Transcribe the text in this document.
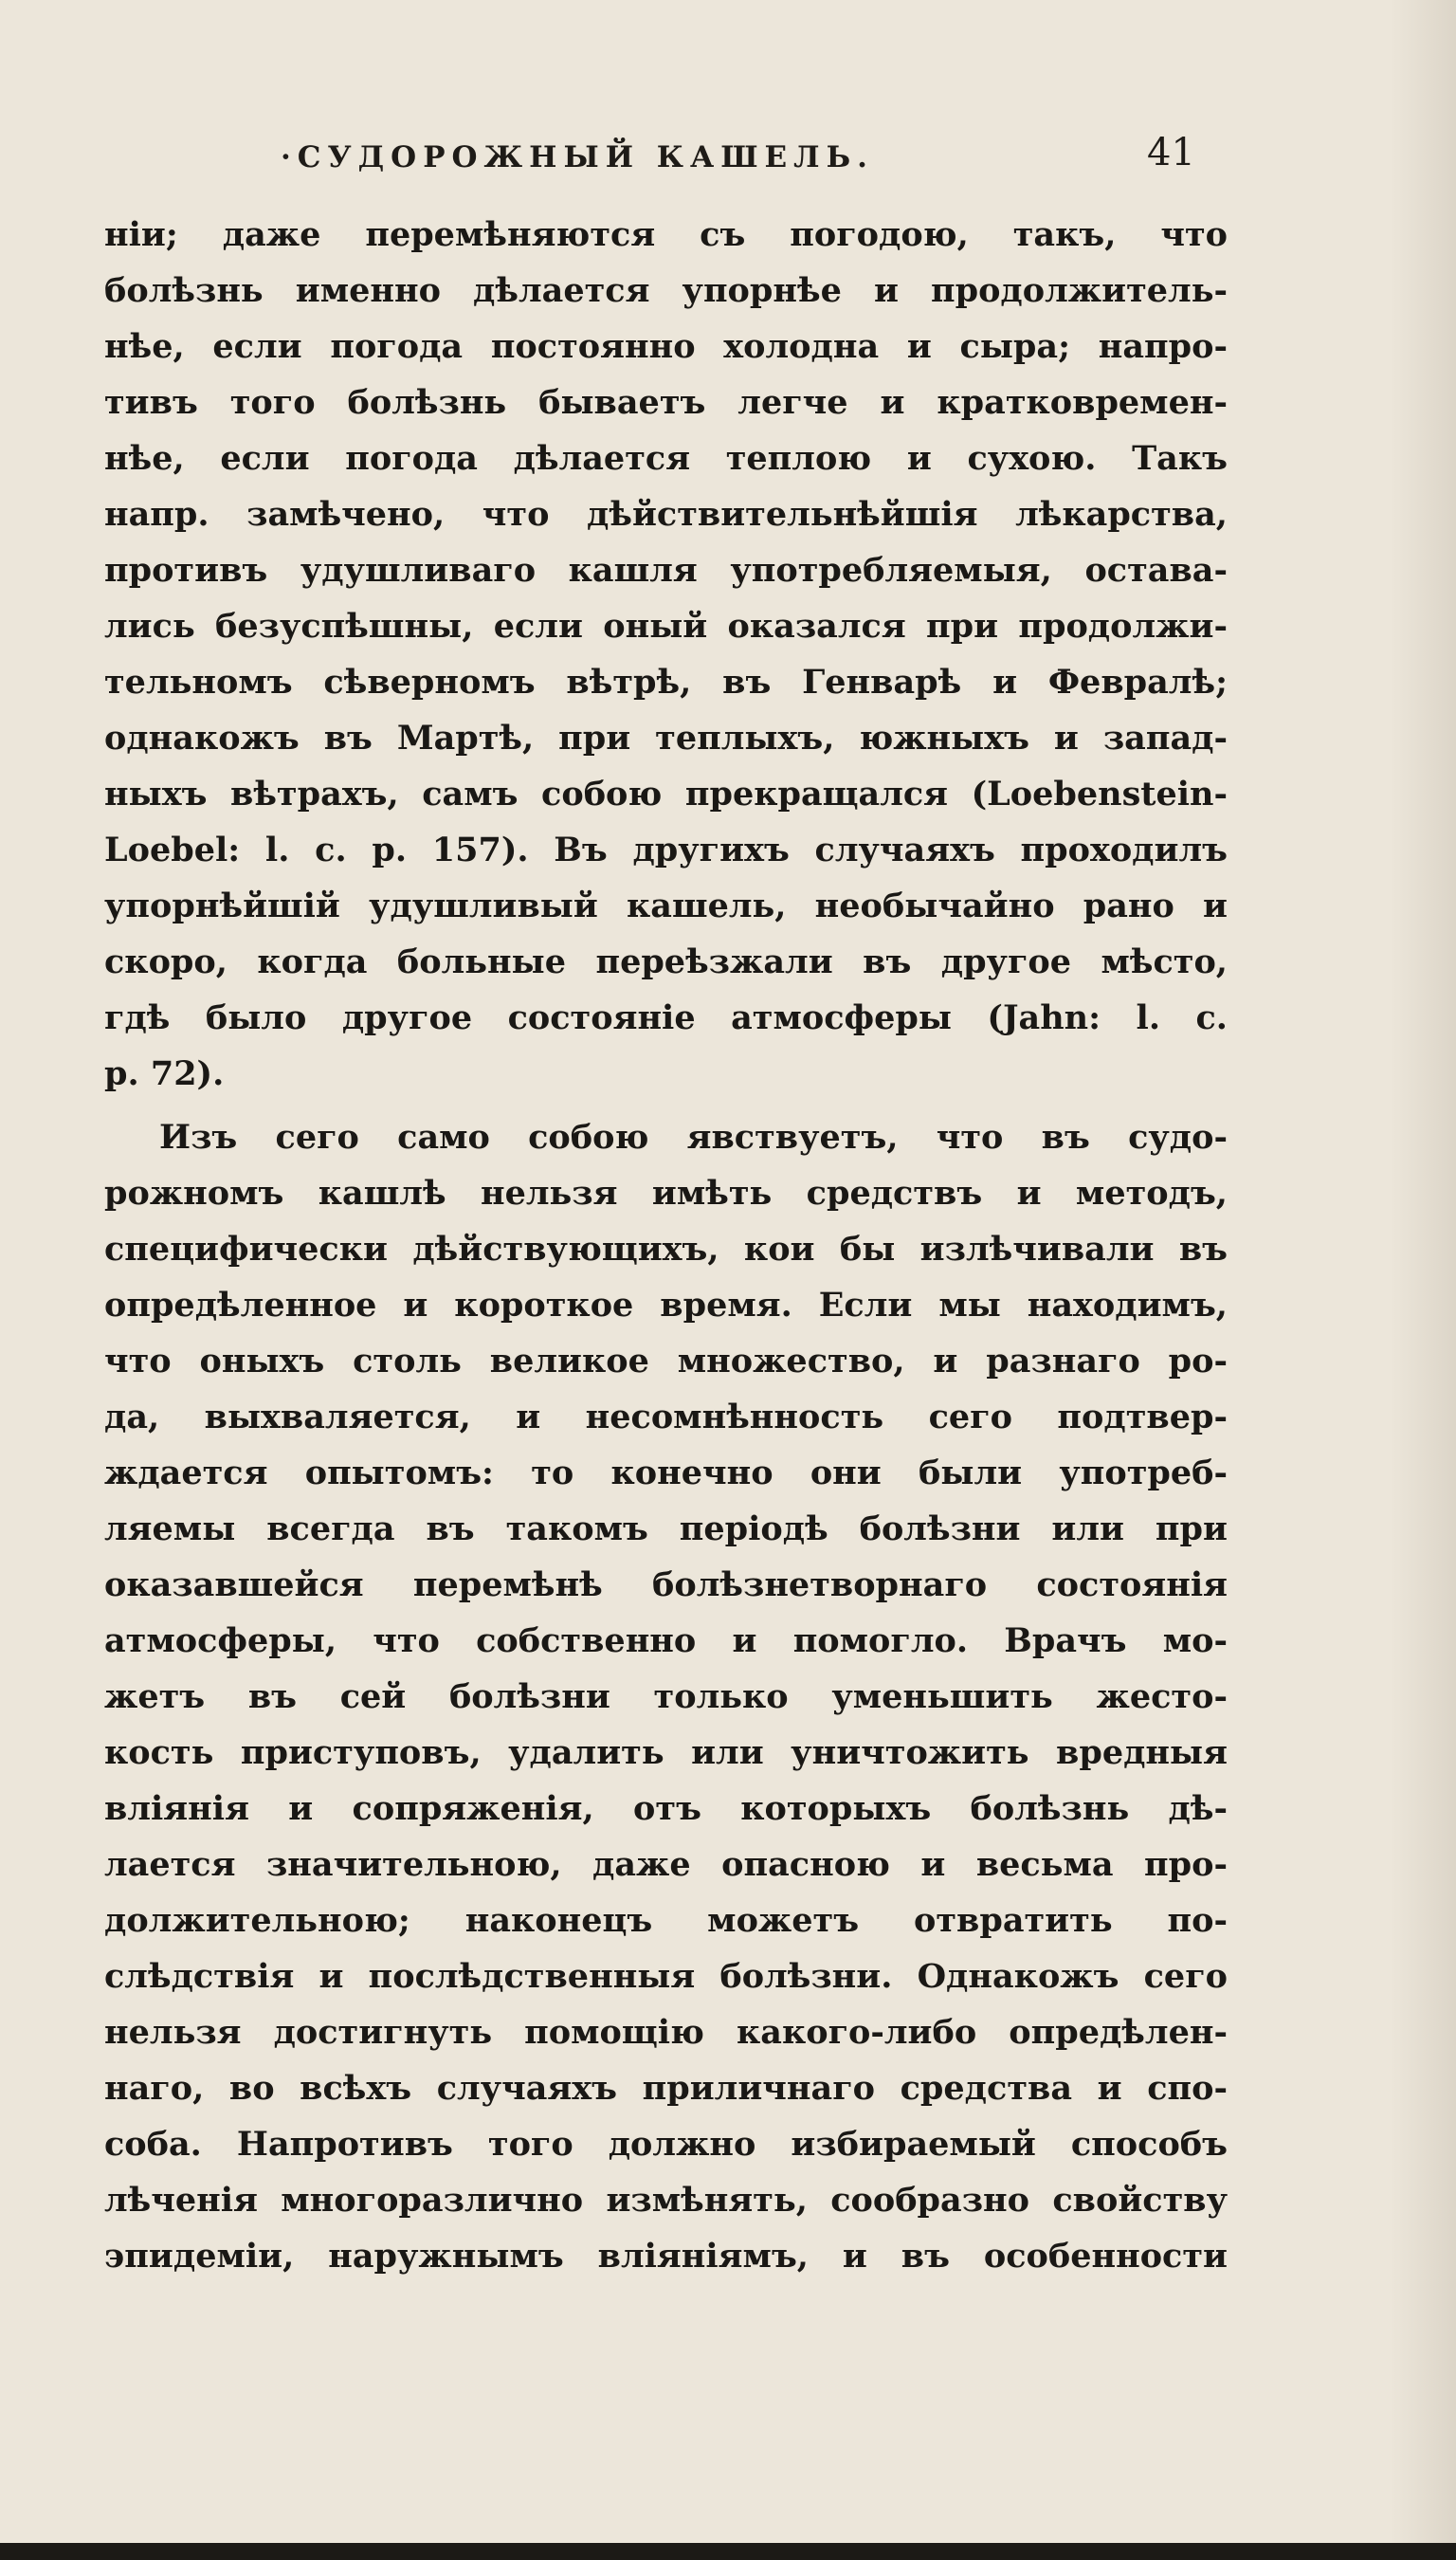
·СУДОРОЖНЫЙ КАШЕЛЬ.	41
ніи; даже перемѣняются съ погодою, такъ, что
болѣзнь именно дѣлается упорнѣе и продолжитель-
нѣе, если погода постоянно холодна и сыра; напро-
тивъ того болѣзнь бываетъ легче и кратковремен-
нѣе, если погода дѣлается теплою и сухою. Такъ
напр. замѣчено, что дѣйствительнѣйшія лѣкарства,
противъ удушливаго кашля употребляемыя, остава-
лись безуспѣшны, если оный оказался при продолжи-
тельномъ сѣверномъ вѣтрѣ, въ Генварѣ и Февралѣ;
однакожъ въ Мартѣ, при теплыхъ, южныхъ и запад-
ныхъ вѣтрахъ, самъ собою прекращался (Loebenstein-
Loebel: l. c. p. 157). Въ другихъ случаяхъ проходилъ
упорнѣйшій удушливый кашель, необычайно рано и
скоро, когда больные переѣзжали въ другое мѣсто,
гдѣ было другое состояніе атмосферы (Jahn: l. c.
p. 72).
Изъ сего само собою явствуетъ, что въ судо-
рожномъ кашлѣ нельзя имѣть средствъ и методъ,
специфически дѣйствующихъ, кои бы излѣчивали въ
опредѣленное и короткое время. Если мы находимъ,
что оныхъ столь великое множество, и разнаго ро-
да, выхваляется, и несомнѣнность сего подтвер-
ждается опытомъ: то конечно они были употреб-
ляемы всегда въ такомъ періодѣ болѣзни или при
оказавшейся перемѣнѣ болѣзнетворнаго состоянія
атмосферы, что собственно и помогло. Врачъ мо-
жетъ въ сей болѣзни только уменьшить жесто-
кость приступовъ, удалить или уничтожить вредныя
вліянія и сопряженія, отъ которыхъ болѣзнь дѣ-
лается значительною, даже опасною и весьма про-
должительною; наконецъ можетъ отвратить по-
слѣдствія и послѣдственныя болѣзни. Однакожъ сего
нельзя достигнуть помощію какого-либо опредѣлен-
наго, во всѣхъ случаяхъ приличнаго средства и спо-
соба. Напротивъ того должно избираемый способъ
лѣченія многоразлично измѣнять, сообразно свойству
эпидеміи, наружнымъ вліяніямъ, и въ особенности
